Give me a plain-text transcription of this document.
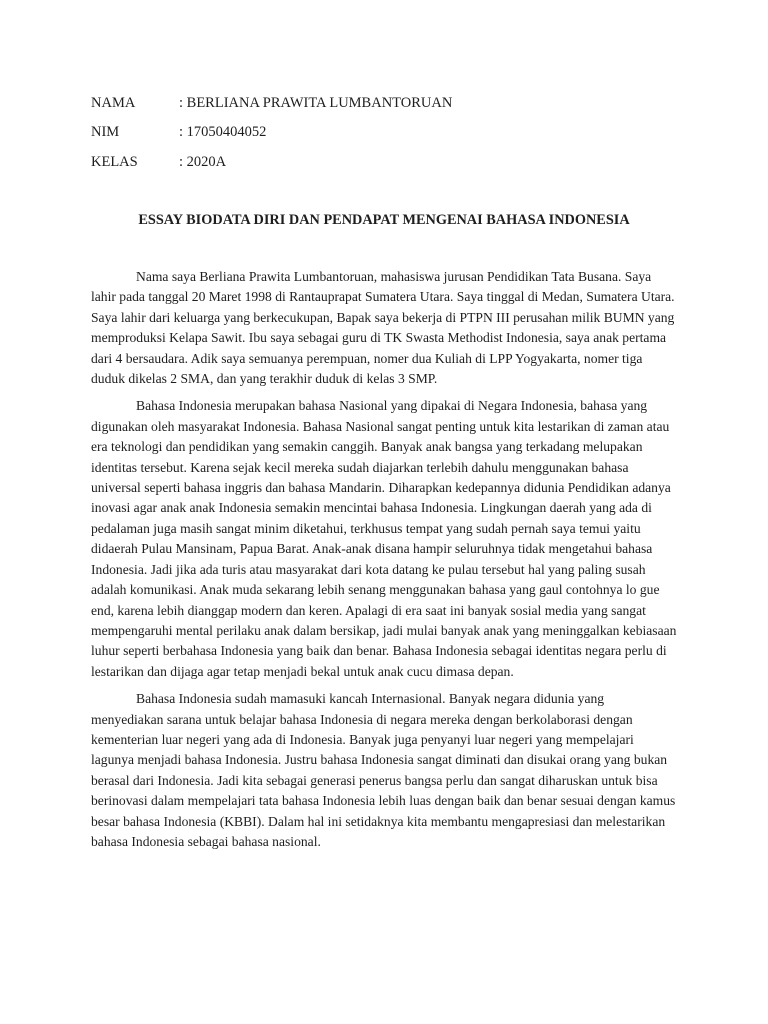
NAMA	: BERLIANA PRAWITA LUMBANTORUAN
NIM	: 17050404052
KELAS	: 2020A
ESSAY BIODATA DIRI DAN PENDAPAT MENGENAI BAHASA INDONESIA

Nama saya Berliana Prawita Lumbantoruan, mahasiswa jurusan Pendidikan Tata Busana. Saya lahir pada tanggal 20 Maret 1998 di Rantauprapat Sumatera Utara. Saya tinggal di Medan, Sumatera Utara. Saya lahir dari keluarga yang berkecukupan, Bapak saya bekerja di PTPN III perusahan milik BUMN yang memproduksi Kelapa Sawit. Ibu saya sebagai guru di TK Swasta Methodist Indonesia, saya anak pertama dari 4 bersaudara. Adik saya semuanya perempuan, nomer dua Kuliah di LPP Yogyakarta, nomer tiga duduk dikelas 2 SMA, dan yang terakhir duduk di kelas 3 SMP.

Bahasa Indonesia merupakan bahasa Nasional yang dipakai di Negara Indonesia, bahasa yang digunakan oleh masyarakat Indonesia. Bahasa Nasional sangat penting untuk kita lestarikan di zaman atau era teknologi dan pendidikan yang semakin canggih. Banyak anak bangsa yang terkadang melupakan identitas tersebut. Karena sejak kecil mereka sudah diajarkan terlebih dahulu menggunakan bahasa universal seperti bahasa inggris dan bahasa Mandarin. Diharapkan kedepannya didunia Pendidikan adanya inovasi agar anak anak Indonesia semakin mencintai bahasa Indonesia. Lingkungan daerah yang ada di pedalaman juga masih sangat minim diketahui, terkhusus tempat yang sudah pernah saya temui yaitu didaerah Pulau Mansinam, Papua Barat. Anak-anak disana hampir seluruhnya tidak mengetahui bahasa Indonesia. Jadi jika ada turis atau masyarakat dari kota datang ke pulau tersebut hal yang paling susah adalah komunikasi. Anak muda sekarang lebih senang menggunakan bahasa yang gaul contohnya lo gue end, karena lebih dianggap modern dan keren. Apalagi di era saat ini banyak sosial media yang sangat mempengaruhi mental perilaku anak dalam bersikap, jadi mulai banyak anak yang meninggalkan kebiasaan luhur seperti berbahasa Indonesia yang baik dan benar. Bahasa Indonesia sebagai identitas negara perlu di lestarikan dan dijaga agar tetap menjadi bekal untuk anak cucu dimasa depan.

Bahasa Indonesia sudah mamasuki kancah Internasional. Banyak negara didunia yang menyediakan sarana untuk belajar bahasa Indonesia di negara mereka dengan berkolaborasi dengan kementerian luar negeri yang ada di Indonesia. Banyak juga penyanyi luar negeri yang mempelajari lagunya menjadi bahasa Indonesia. Justru bahasa Indonesia sangat diminati dan disukai orang yang bukan berasal dari Indonesia. Jadi kita sebagai generasi penerus bangsa perlu dan sangat diharuskan untuk bisa berinovasi dalam mempelajari tata bahasa Indonesia lebih luas dengan baik dan benar sesuai dengan kamus besar bahasa Indonesia (KBBI). Dalam hal ini setidaknya kita membantu mengapresiasi dan melestarikan bahasa Indonesia sebagai bahasa nasional.
